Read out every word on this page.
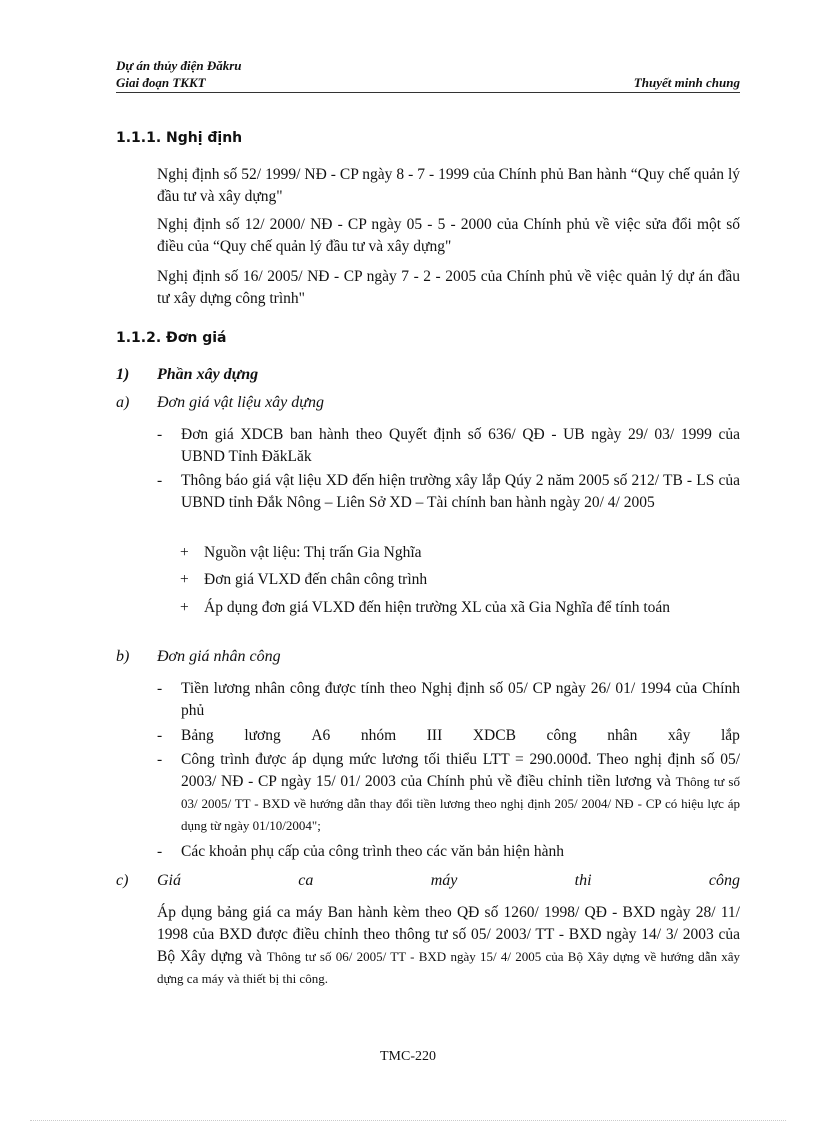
Dự án thủy điện Đăkru
Giai đoạn TKKT	Thuyết minh chung
1.1.1. Nghị định
Nghị định số 52/ 1999/ NĐ - CP ngày 8 - 7 - 1999 của Chính phủ Ban hành “Quy chế quản lý đầu tư và xây dựng"
Nghị định số 12/ 2000/ NĐ - CP ngày 05 - 5 - 2000 của Chính phủ về việc sửa đổi một số điều của “Quy chế quản lý đầu tư và xây dựng"
Nghị định số 16/ 2005/ NĐ - CP ngày 7 - 2 - 2005 của Chính phủ về việc quản lý dự án đầu tư xây dựng công trình"
1.1.2. Đơn giá
1) Phần xây dựng
a) Đơn giá vật liệu xây dựng
- Đơn giá XDCB ban hành theo Quyết định số 636/ QĐ - UB ngày 29/ 03/ 1999 của UBND Tỉnh ĐăkLăk
- Thông báo giá vật liệu XD đến hiện trường xây lắp Qúy 2 năm 2005 số 212/ TB - LS của UBND tỉnh Đắk Nông – Liên Sở XD – Tài chính ban hành ngày 20/ 4/ 2005
+ Nguồn vật liệu: Thị trấn Gia Nghĩa
+ Đơn giá VLXD đến chân công trình
+ Áp dụng đơn giá VLXD đến hiện trường XL của xã Gia Nghĩa để tính toán
b) Đơn giá nhân công
- Tiền lương nhân công được tính theo Nghị định số 05/ CP ngày 26/ 01/ 1994 của Chính phủ
- Bảng lương A6 nhóm III XDCB công nhân xây lắp
- Công trình được áp dụng mức lương tối thiểu LTT = 290.000đ. Theo nghị định số 05/ 2003/ NĐ - CP ngày 15/ 01/ 2003 của Chính phủ về điều chỉnh tiền lương và Thông tư số 03/ 2005/ TT - BXD về hướng dẫn thay đổi tiền lương theo nghị định 205/ 2004/ NĐ - CP có hiệu lực áp dụng từ ngày 01/10/2004";
- Các khoản phụ cấp của công trình theo các văn bản hiện hành
c) Giá	ca	máy	thi	công
Áp dụng bảng giá ca máy Ban hành kèm theo QĐ số 1260/ 1998/ QĐ - BXD ngày 28/ 11/ 1998 của BXD được điều chỉnh theo thông tư số 05/ 2003/ TT - BXD ngày 14/ 3/ 2003 của Bộ Xây dựng và Thông tư số 06/ 2005/ TT - BXD ngày 15/ 4/ 2005 của Bộ Xây dựng về hướng dẫn xây dựng ca máy và thiết bị thi công.
TMC-220
